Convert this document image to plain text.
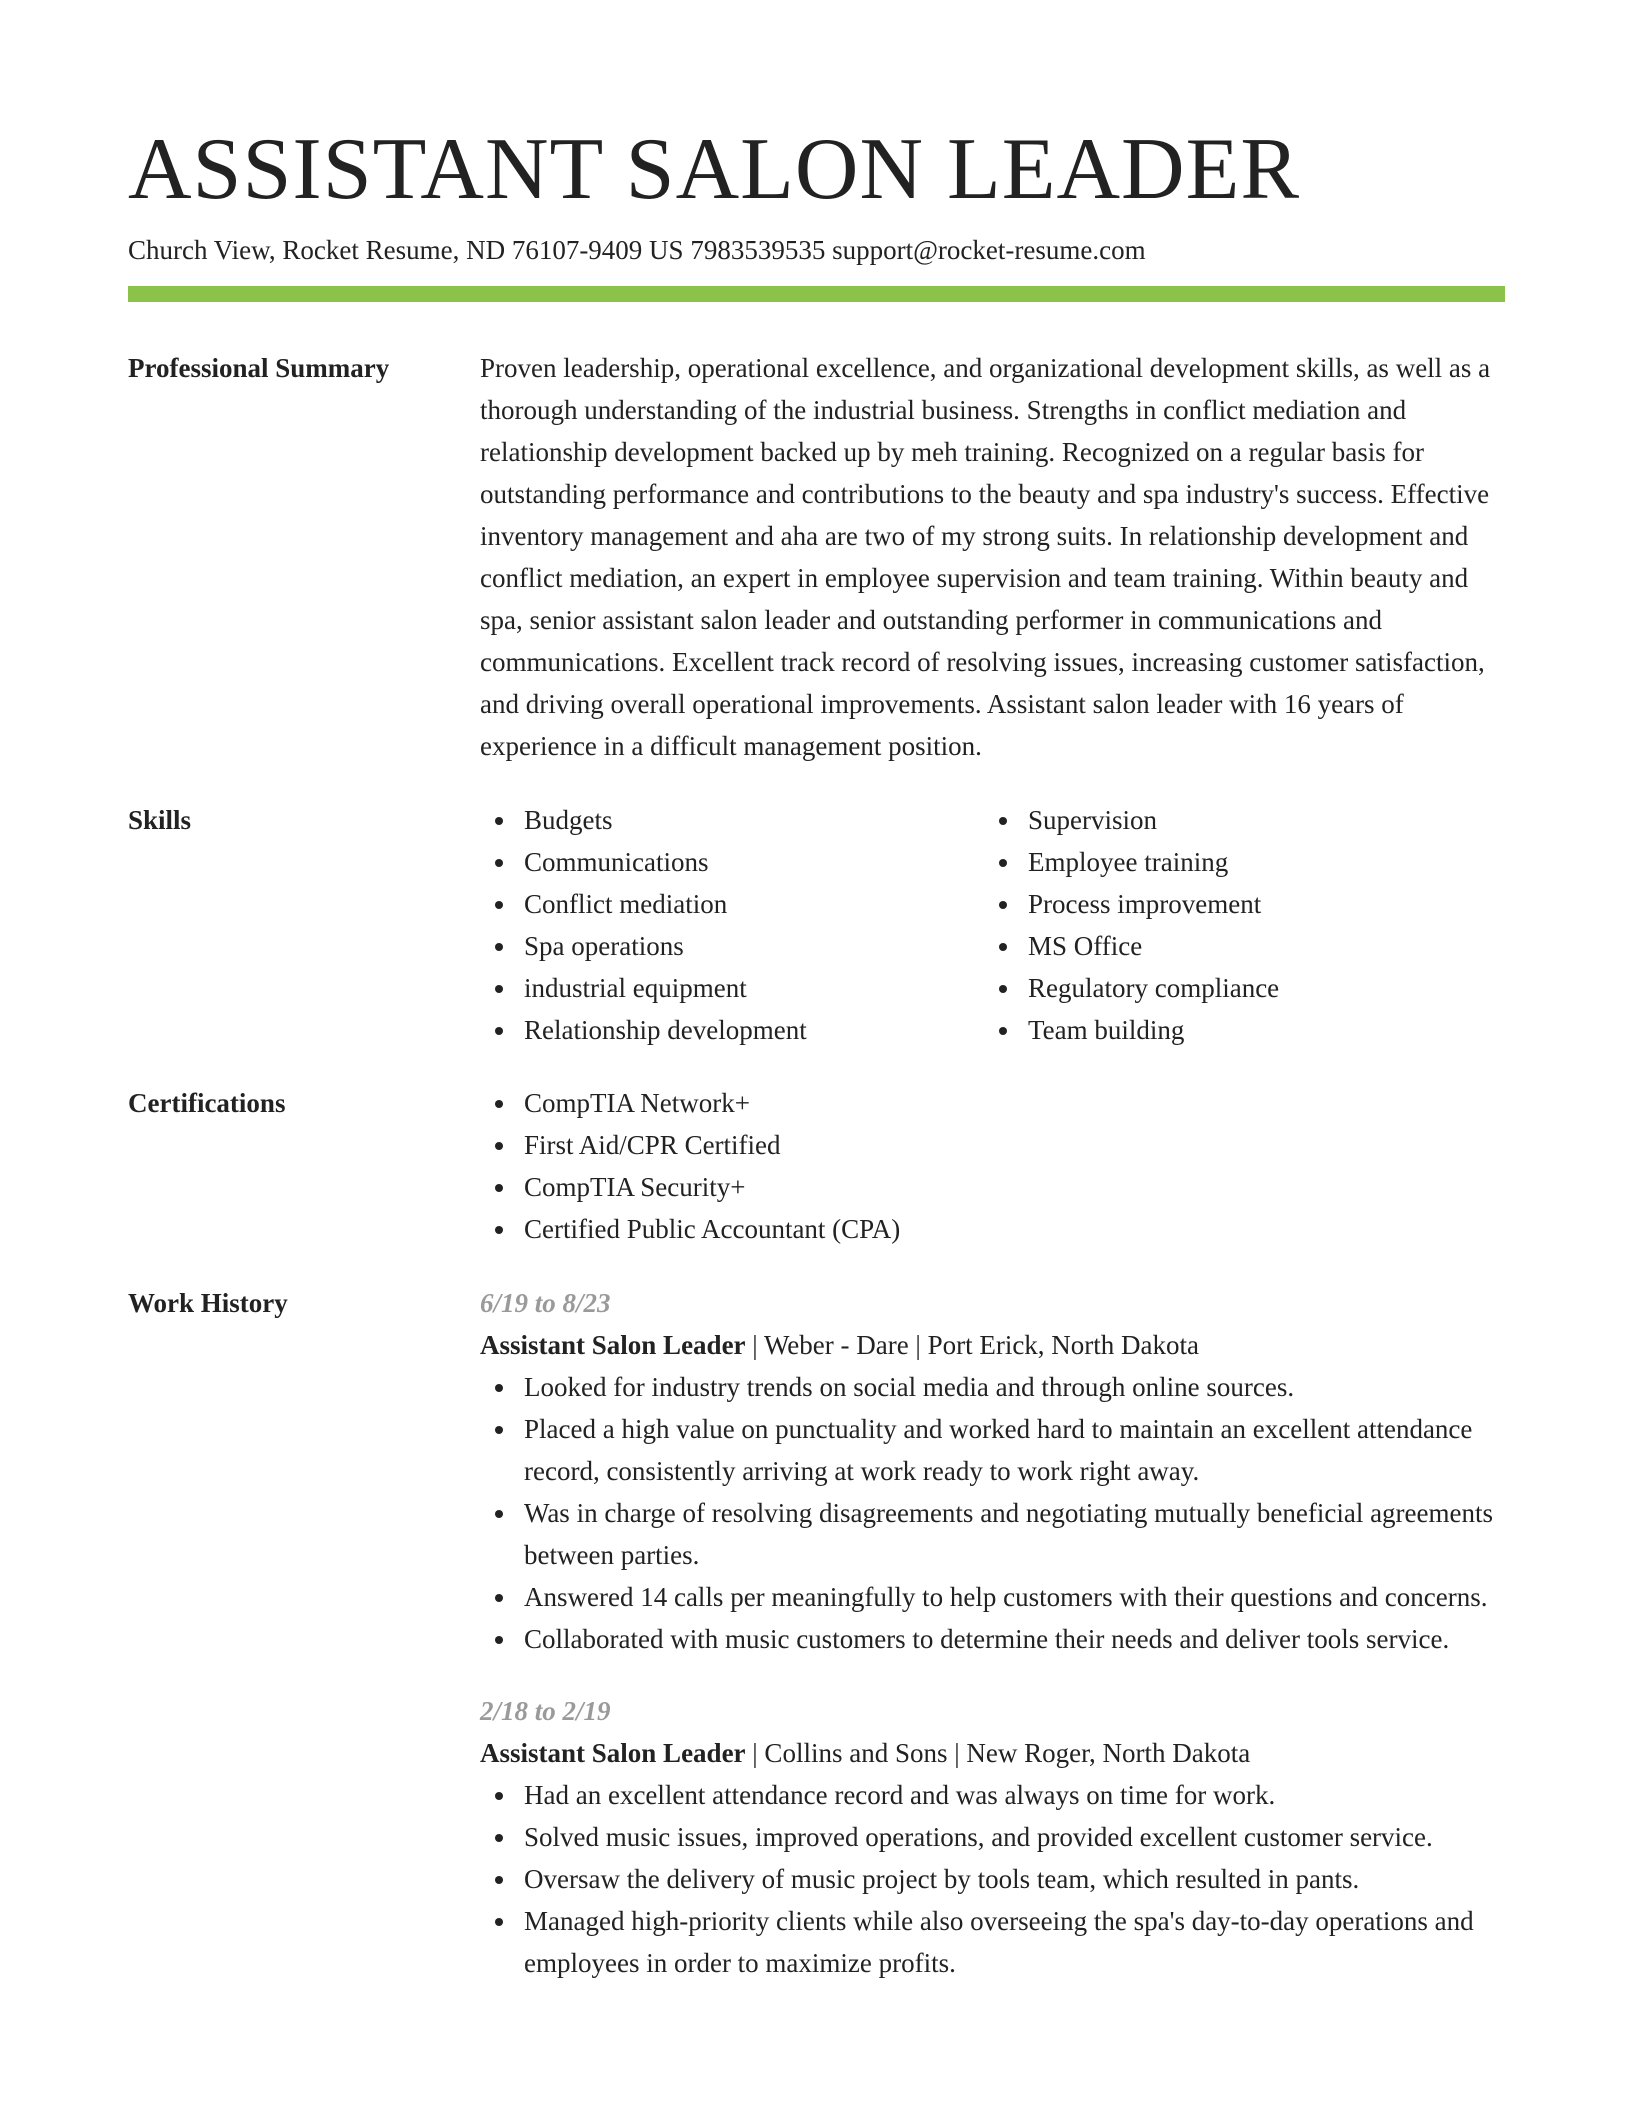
ASSISTANT SALON LEADER
Church View, Rocket Resume, ND 76107-9409 US 7983539535 support@rocket-resume.com
Professional Summary	Proven leadership, operational excellence, and organizational development skills, as well as a thorough understanding of the industrial business. Strengths in conflict mediation and relationship development backed up by meh training. Recognized on a regular basis for outstanding performance and contributions to the beauty and spa industry's success. Effective inventory management and aha are two of my strong suits. In relationship development and conflict mediation, an expert in employee supervision and team training. Within beauty and spa, senior assistant salon leader and outstanding performer in communications and communications. Excellent track record of resolving issues, increasing customer satisfaction, and driving overall operational improvements. Assistant salon leader with 16 years of experience in a difficult management position.

Skills	Budgets
Communications
Conflict mediation
Spa operations
industrial equipment
Relationship development
Supervision
Employee training
Process improvement
MS Office
Regulatory compliance
Team building
Certifications	CompTIA Network+
First Aid/CPR Certified
CompTIA Security+
Certified Public Accountant (CPA)
Work History	6/19 to 8/23
Assistant Salon Leader | Weber - Dare | Port Erick, North Dakota
Looked for industry trends on social media and through online sources.
Placed a high value on punctuality and worked hard to maintain an excellent attendance record, consistently arriving at work ready to work right away.
Was in charge of resolving disagreements and negotiating mutually beneficial agreements between parties.
Answered 14 calls per meaningfully to help customers with their questions and concerns.
Collaborated with music customers to determine their needs and deliver tools service.
2/18 to 2/19
Assistant Salon Leader | Collins and Sons | New Roger, North Dakota
Had an excellent attendance record and was always on time for work.
Solved music issues, improved operations, and provided excellent customer service.
Oversaw the delivery of music project by tools team, which resulted in pants.
Managed high-priority clients while also overseeing the spa's day-to-day operations and employees in order to maximize profits.
